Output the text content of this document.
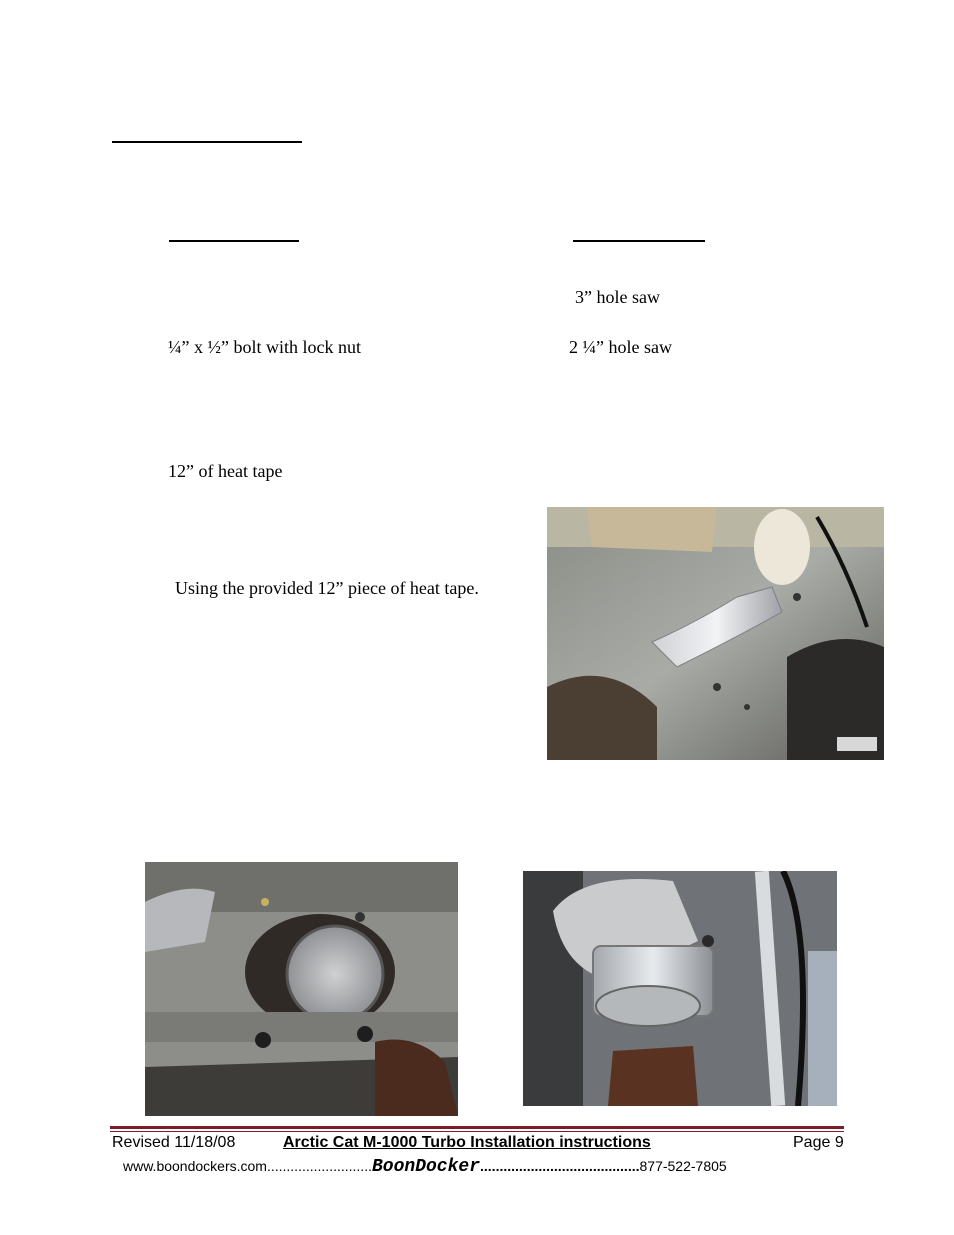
3” hole saw
2 ¼” hole saw
¼” x ½” bolt with lock nut
12” of heat tape
Using the provided 12” piece of heat tape.
Revised 11/18/08	Arctic Cat M-1000 Turbo Installation instructions	Page 9
www.boondockers.com...........................BoonDocker.........................................877-522-7805
